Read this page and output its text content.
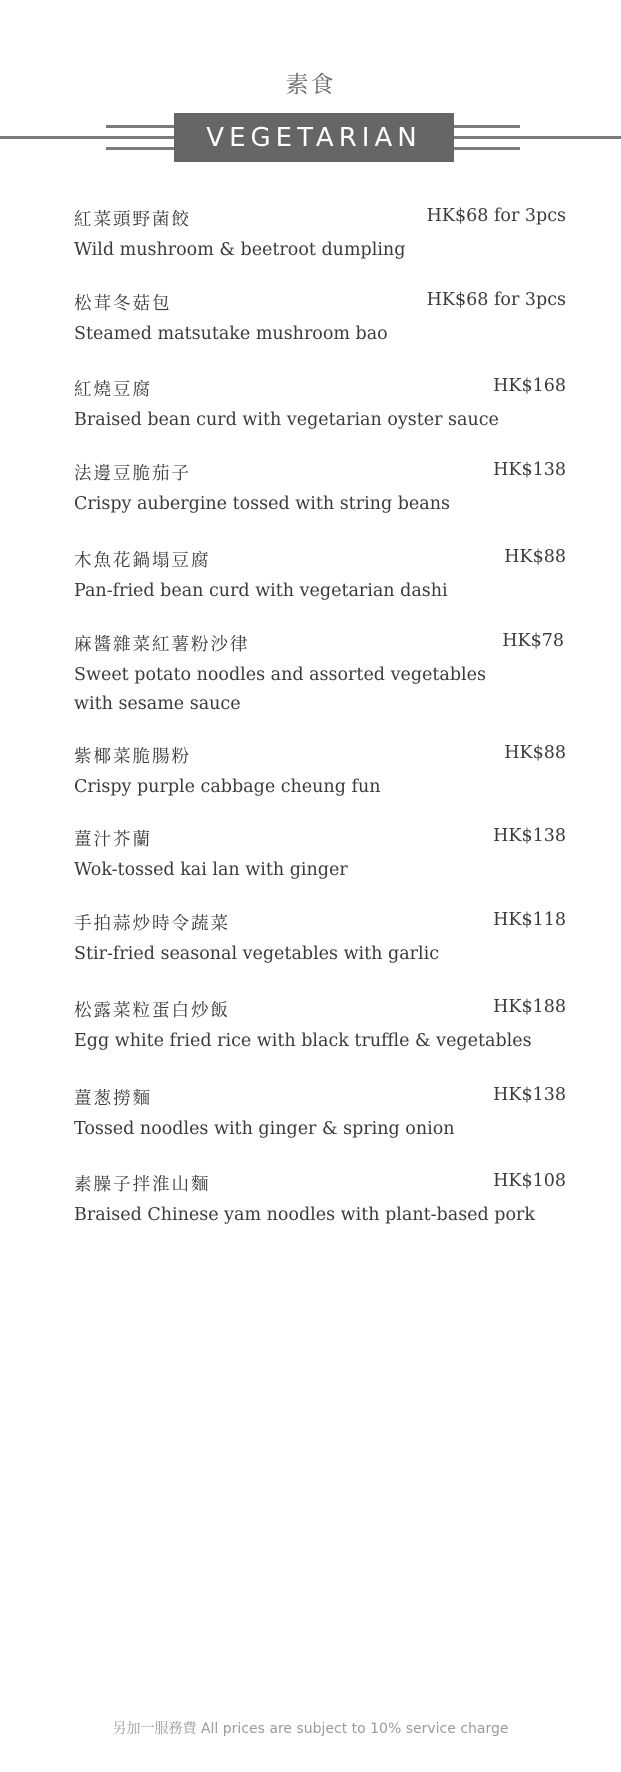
素食
VEGETARIAN
紅菜頭野菌餃	HK$68 for 3pcs
Wild mushroom & beetroot dumpling
松茸冬菇包	HK$68 for 3pcs
Steamed matsutake mushroom bao
紅燒豆腐	HK$168
Braised bean curd with vegetarian oyster sauce
法邊豆脆茄子	HK$138
Crispy aubergine tossed with string beans
木魚花鍋塌豆腐	HK$88
Pan-fried bean curd with vegetarian dashi
麻醬雜菜紅薯粉沙律	HK$78
Sweet potato noodles and assorted vegetables with sesame sauce
紫椰菜脆腸粉	HK$88
Crispy purple cabbage cheung fun
薑汁芥蘭	HK$138
Wok-tossed kai lan with ginger
手拍蒜炒時令蔬菜	HK$118
Stir-fried seasonal vegetables with garlic
松露菜粒蛋白炒飯	HK$188
Egg white fried rice with black truffle & vegetables
薑葱撈麵	HK$138
Tossed noodles with ginger & spring onion
素臊子拌淮山麵	HK$108
Braised Chinese yam noodles with plant-based pork
另加一服務費 All prices are subject to 10% service charge
